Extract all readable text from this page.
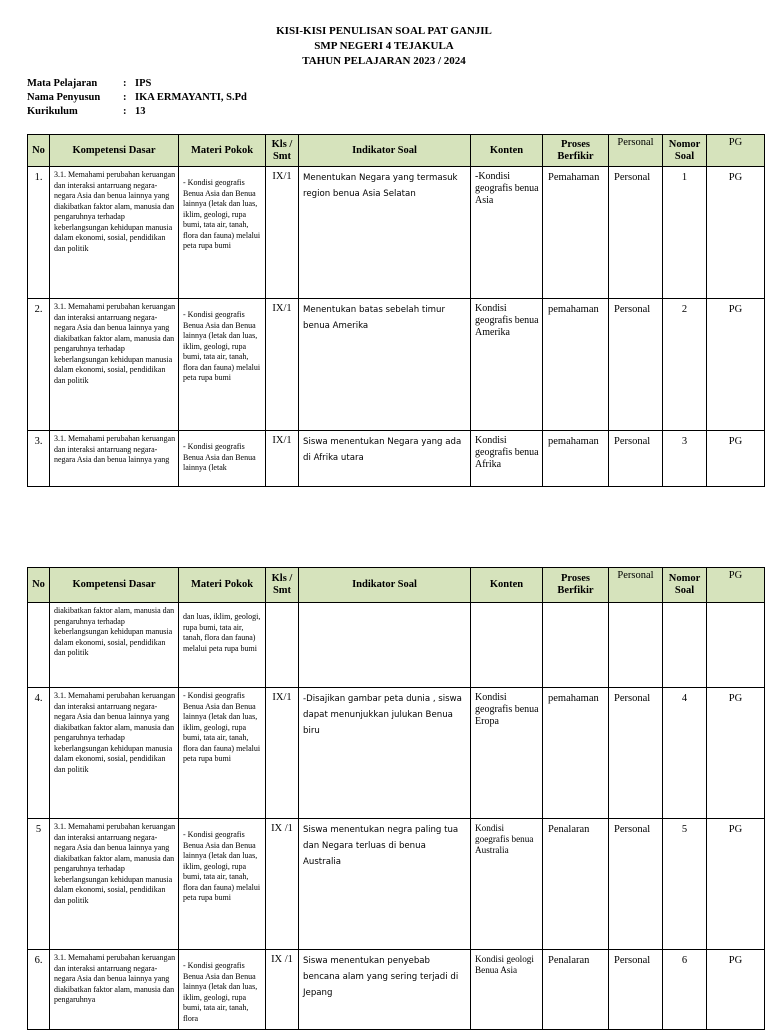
KISI-KISI PENULISAN SOAL PAT GANJIL
SMP NEGERI 4 TEJAKULA
TAHUN PELAJARAN 2023 / 2024
Mata Pelajaran	: IPS
Nama Penyusun	: IKA ERMAYANTI, S.Pd
Kurikulum	: 13
No	Kompetensi Dasar	Materi Pokok	Kls / Smt	Indikator Soal	Konten	Proses Berfikir	Personal	Nomor Soal	PG
1.	3.1. Memahami perubahan keruangan dan interaksi antarruang negara-negara Asia dan benua lainnya yang diakibatkan faktor alam, manusia dan pengaruhnya terhadap keberlangsungan kehidupan manusia dalam ekonomi, sosial, pendidikan dan politik	- Kondisi geografis Benua Asia dan Benua lainnya (letak dan luas, iklim, geologi, rupa bumi, tata air, tanah, flora dan fauna) melalui peta rupa bumi	IX/1	Menentukan Negara yang termasuk region benua Asia Selatan	-Kondisi geografis benua Asia	Pemahaman	Personal	1	PG
2.	3.1. Memahami perubahan keruangan dan interaksi antarruang negara-negara Asia dan benua lainnya yang diakibatkan faktor alam, manusia dan pengaruhnya terhadap keberlangsungan kehidupan manusia dalam ekonomi, sosial, pendidikan dan politik	- Kondisi geografis Benua Asia dan Benua lainnya (letak dan luas, iklim, geologi, rupa bumi, tata air, tanah, flora dan fauna) melalui peta rupa bumi	IX/1	Menentukan batas sebelah timur benua Amerika	Kondisi geografis benua Amerika	pemahaman	Personal	2	PG
3.	3.1. Memahami perubahan keruangan dan interaksi antarruang negara-negara Asia dan benua lainnya yang	- Kondisi geografis Benua Asia dan Benua lainnya (letak	IX/1	Siswa menentukan Negara yang ada di Afrika utara	Kondisi geografis benua Afrika	pemahaman	Personal	3	PG
No	Kompetensi Dasar	Materi Pokok	Kls / Smt	Indikator Soal	Konten	Proses Berfikir	Personal	Nomor Soal	PG
	diakibatkan faktor alam, manusia dan pengaruhnya terhadap keberlangsungan kehidupan manusia dalam ekonomi, sosial, pendidikan dan politik	dan luas, iklim, geologi, rupa bumi, tata air, tanah, flora dan fauna) melalui peta rupa bumi							
4.	3.1. Memahami perubahan keruangan dan interaksi antarruang negara-negara Asia dan benua lainnya yang diakibatkan faktor alam, manusia dan pengaruhnya terhadap keberlangsungan kehidupan manusia dalam ekonomi, sosial, pendidikan dan politik	- Kondisi geografis Benua Asia dan Benua lainnya (letak dan luas, iklim, geologi, rupa bumi, tata air, tanah, flora dan fauna) melalui peta rupa bumi	IX/1	-Disajikan gambar peta dunia , siswa dapat menunjukkan julukan Benua biru	Kondisi geografis benua Eropa	pemahaman	Personal	4	PG
5	3.1. Memahami perubahan keruangan dan interaksi antarruang negara-negara Asia dan benua lainnya yang diakibatkan faktor alam, manusia dan pengaruhnya terhadap keberlangsungan kehidupan manusia dalam ekonomi, sosial, pendidikan dan politik	- Kondisi geografis Benua Asia dan Benua lainnya (letak dan luas, iklim, geologi, rupa bumi, tata air, tanah, flora dan fauna) melalui peta rupa bumi	IX /1	Siswa menentukan negra paling tua dan Negara terluas di benua Australia	Kondisi goegrafis benua Australia	Penalaran	Personal	5	PG
6.	3.1. Memahami perubahan keruangan dan interaksi antarruang negara-negara Asia dan benua lainnya yang diakibatkan faktor alam, manusia dan pengaruhnya	- Kondisi geografis Benua Asia dan Benua lainnya (letak dan luas, iklim, geologi, rupa bumi, tata air, tanah, flora	IX /1	Siswa menentukan penyebab bencana alam yang sering terjadi di Jepang	Kondisi geologi Benua Asia	Penalaran	Personal	6	PG
